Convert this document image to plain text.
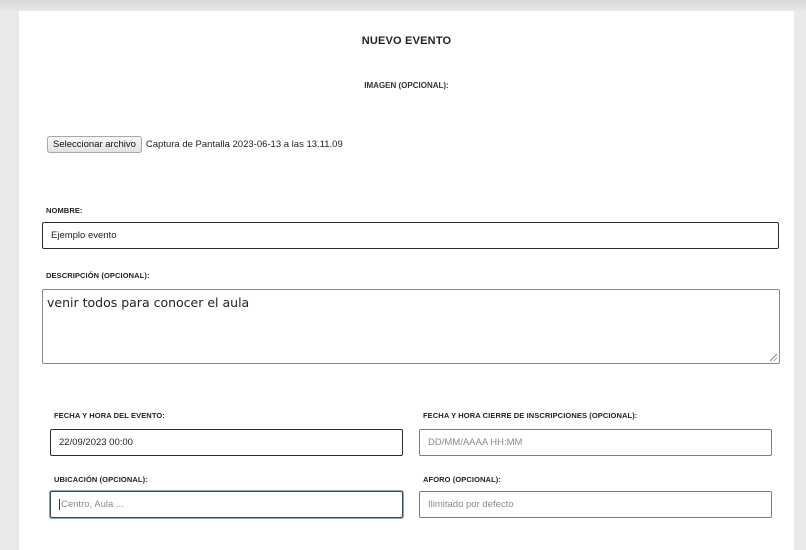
NUEVO EVENTO
IMAGEN (OPCIONAL):
Seleccionar archivo	Captura de Pantalla 2023-06-13 a las 13.11.09
NOMBRE:
Ejemplo evento
DESCRIPCIÓN (OPCIONAL):
venir todos para conocer el aula
FECHA Y HORA DEL EVENTO:
22/09/2023 00:00
FECHA Y HORA CIERRE DE INSCRIPCIONES (OPCIONAL):
DD/MM/AAAA HH:MM
UBICACIÓN (OPCIONAL):
Centro, Aula ...
AFORO (OPCIONAL):
Ilimitado por defecto
